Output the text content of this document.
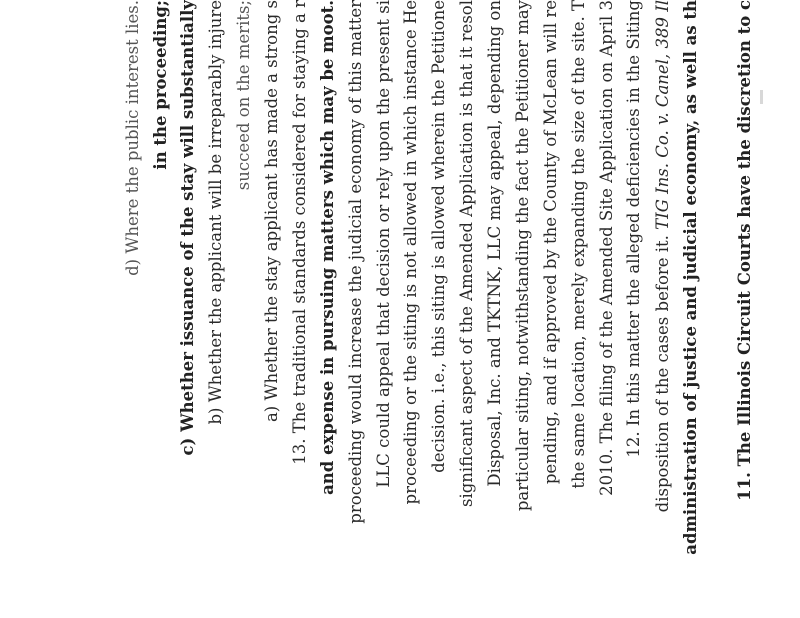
11. The Illinois Circuit Courts have the discretion to c

administration of justice and judicial economy, as well as th

disposition of the cases before it. TIG Ins. Co. v. Canel, 389 Il

12. In this matter the alleged deficiencies in the Siting

2010. The filing of the Amended Site Application on April 3

the same location, merely expanding the size of the site. T

pending, and if approved by the County of McLean will re

particular siting, notwithstanding the fact the Petitioner may

Disposal, Inc. and TKTNK, LLC may appeal, depending on

significant aspect of the Amended Application is that it resol

decision. i.e., this siting is allowed wherein the Petitione

proceeding or the siting is not allowed in which instance He

LLC could appeal that decision or rely upon the present si

proceeding would increase the judicial economy of this matter

and expense in pursuing matters which may be moot.

13. The traditional standards considered for staying a r

a) Whether the stay applicant has made a strong s

succeed on the merits;

b) Whether the applicant will be irreparably injure

c) Whether issuance of the stay will substantially

in the proceeding;

d) Where the public interest lies.
